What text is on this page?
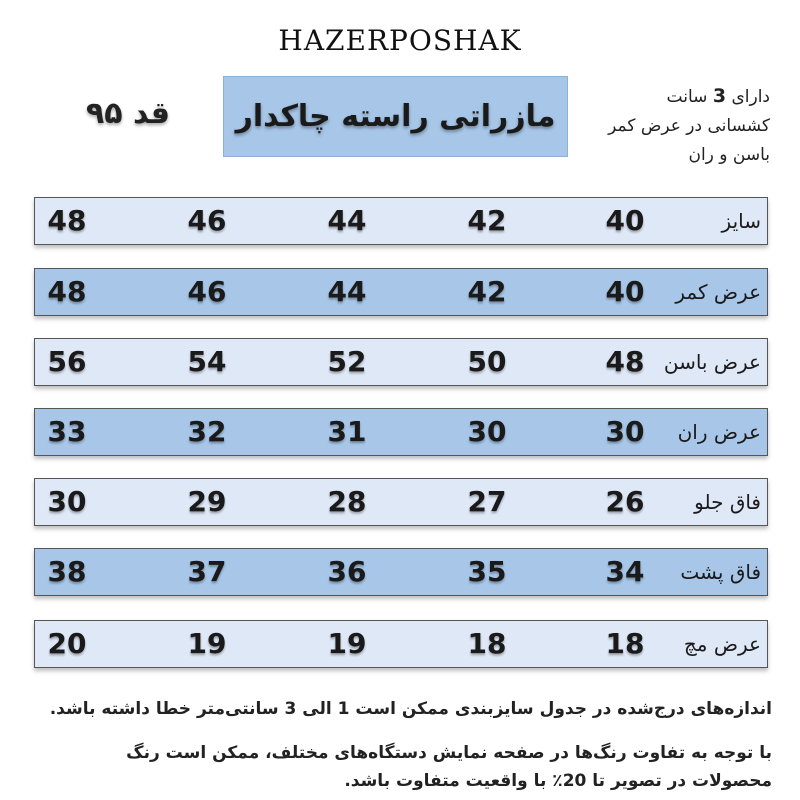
HAZERPOSHAK
قد ۹۵ مازراتی راسته چاکدار
دارای 3 سانت
کشسانی در عرض کمر
باسن و ران
سایز
40
42
44
46
48
عرض کمر
40
42
44
46
48
عرض باسن
48
50
52
54
56
عرض ران
30
30
31
32
33
فاق جلو
26
27
28
29
30
فاق پشت
34
35
36
37
38
عرض مچ
18
18
19
19
20
اندازه‌های درج‌شده در جدول سایزبندی ممکن است 1 الی 3 سانتی‌متر خطا داشته باشد.
با توجه به تفاوت رنگ‌ها در صفحه نمایش دستگاه‌های مختلف، ممکن است رنگ
محصولات در تصویر تا 20٪ با واقعیت متفاوت باشد.
